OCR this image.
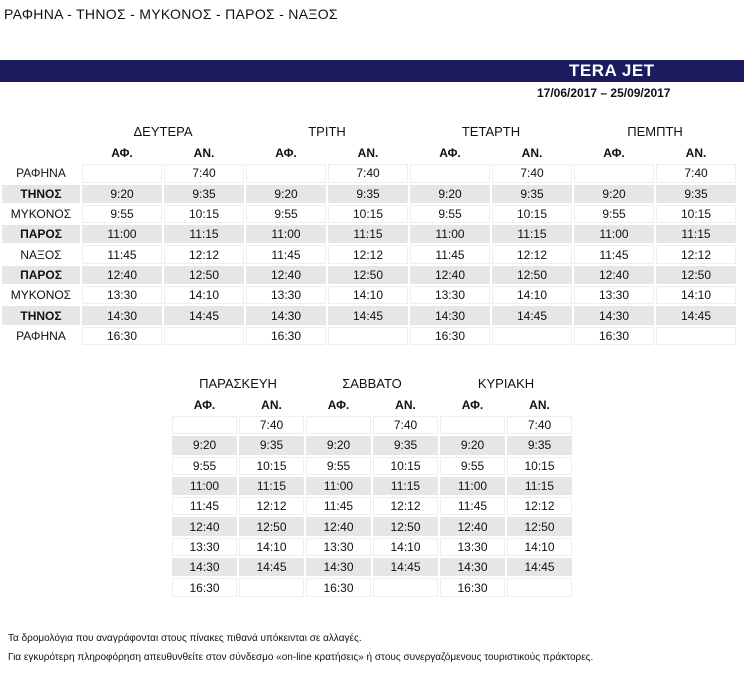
ΡΑΦΗΝΑ - ΤΗΝΟΣ - ΜΥΚΟΝΟΣ - ΠΑΡΟΣ - ΝΑΞΟΣ
TERA JET
17/06/2017 – 25/09/2017
	ΔΕΥΤΕΡΑ		ΤΡΙΤΗ		ΤΕΤΑΡΤΗ		ΠΕΜΠΤΗ	
	ΑΦ.	ΑΝ.	ΑΦ.	ΑΝ.	ΑΦ.	ΑΝ.	ΑΦ.	ΑΝ.
ΡΑΦΗΝΑ		7:40		7:40		7:40		7:40
ΤΗΝΟΣ	9:20	9:35	9:20	9:35	9:20	9:35	9:20	9:35
ΜΥΚΟΝΟΣ	9:55	10:15	9:55	10:15	9:55	10:15	9:55	10:15
ΠΑΡΟΣ	11:00	11:15	11:00	11:15	11:00	11:15	11:00	11:15
ΝΑΞΟΣ	11:45	12:12	11:45	12:12	11:45	12:12	11:45	12:12
ΠΑΡΟΣ	12:40	12:50	12:40	12:50	12:40	12:50	12:40	12:50
ΜΥΚΟΝΟΣ	13:30	14:10	13:30	14:10	13:30	14:10	13:30	14:10
ΤΗΝΟΣ	14:30	14:45	14:30	14:45	14:30	14:45	14:30	14:45
ΡΑΦΗΝΑ	16:30		16:30		16:30		16:30	
ΠΑΡΑΣΚΕΥΗ		ΣΑΒΒΑΤΟ		ΚΥΡΙΑΚΗ	
ΑΦ.	ΑΝ.	ΑΦ.	ΑΝ.	ΑΦ.	ΑΝ.
	7:40		7:40		7:40
9:20	9:35	9:20	9:35	9:20	9:35
9:55	10:15	9:55	10:15	9:55	10:15
11:00	11:15	11:00	11:15	11:00	11:15
11:45	12:12	11:45	12:12	11:45	12:12
12:40	12:50	12:40	12:50	12:40	12:50
13:30	14:10	13:30	14:10	13:30	14:10
14:30	14:45	14:30	14:45	14:30	14:45
16:30		16:30		16:30	
Τα δρομολόγια που αναγράφονται στους πίνακες πιθανά υπόκεινται σε αλλαγές.
Για εγκυρότερη πληροφόρηση απευθυνθείτε στον σύνδεσμο «on-line κρατήσεις» ή στους συνεργαζόμενους τουριστικούς πράκτορες.
